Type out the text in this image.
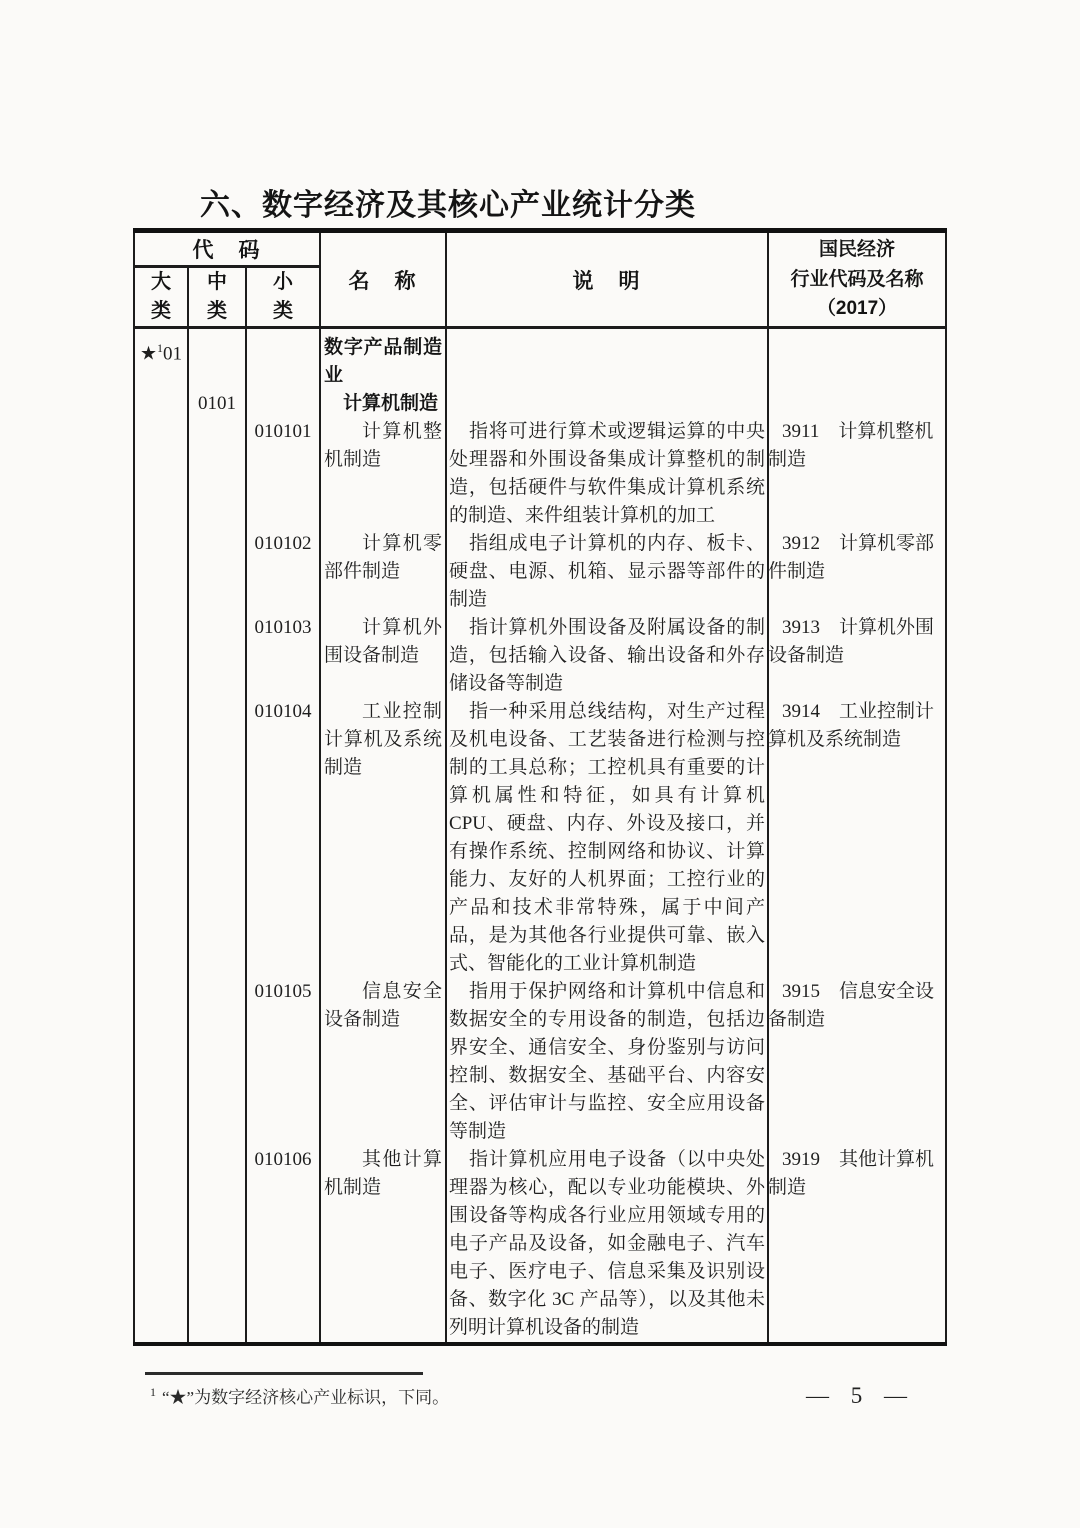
六、数字经济及其核心产业统计分类
代　码			名　称	说　明	国民经济
行业代码及名称
（2017）

大类	中类	小类			

★$^1$01			数字产品制造业		

	0101		计算机制造		

		010101	计算机整机制造	指将可进行算术或逻辑运算的中央处理器和外围设备集成计算整机的制造，包括硬件与软件集成计算机系统的制造、来件组装计算机的加工	3911　计算机整机制造

		010102	计算机零部件制造	指组成电子计算机的内存、板卡、硬盘、电源、机箱、显示器等部件的制造	3912　计算机零部件制造

		010103	计算机外围设备制造	指计算机外围设备及附属设备的制造，包括输入设备、输出设备和外存储设备等制造	3913　计算机外围设备制造

		010104	工业控制计算机及系统制造	指一种采用总线结构，对生产过程及机电设备、工艺装备进行检测与控制的工具总称；工控机具有重要的计算机属性和特征，如具有计算机 CPU、硬盘、内存、外设及接口，并有操作系统、控制网络和协议、计算能力、友好的人机界面；工控行业的产品和技术非常特殊，属于中间产品，是为其他各行业提供可靠、嵌入式、智能化的工业计算机制造	3914　工业控制计算机及系统制造

		010105	信息安全设备制造	指用于保护网络和计算机中信息和数据安全的专用设备的制造，包括边界安全、通信安全、身份鉴别与访问控制、数据安全、基础平台、内容安全、评估审计与监控、安全应用设备等制造	3915　信息安全设备制造

		010106	其他计算机制造	指计算机应用电子设备（以中央处理器为核心，配以专业功能模块、外围设备等构成各行业应用领域专用的电子产品及设备，如金融电子、汽车电子、医疗电子、信息采集及识别设备、数字化 3C 产品等），以及其他未列明计算机设备的制造	3919　其他计算机制造

$^1$ “★”为数字经济核心产业标识，下同。	— 5 —
